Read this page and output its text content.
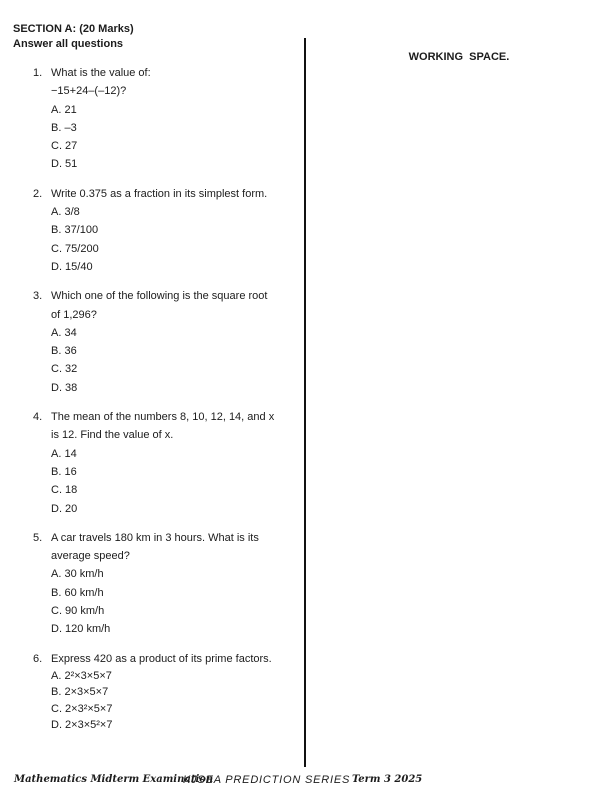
SECTION A: (20 Marks)
Answer all questions
WORKING  SPACE.
1. What is the value of:
−15+24–(–12)?
A. 21
B. –3
C. 27
D. 51
2. Write 0.375 as a fraction in its simplest form.
A. 3/8
B. 37/100
C. 75/200
D. 15/40
3. Which one of the following is the square root
of 1,296?
A. 34
B. 36
C. 32
D. 38
4. The mean of the numbers 8, 10, 12, 14, and x
is 12. Find the value of x.
A. 14
B. 16
C. 18
D. 20
5. A car travels 180 km in 3 hours. What is its
average speed?
A. 30 km/h
B. 60 km/h
C. 90 km/h
D. 120 km/h
6. Express 420 as a product of its prime factors.
A. 2²×3×5×7
B. 2×3×5×7
C. 2×3²×5×7
D. 2×3×5²×7
Mathematics Midterm Examination
KJSEA PREDICTION SERIES Term 3 2025
